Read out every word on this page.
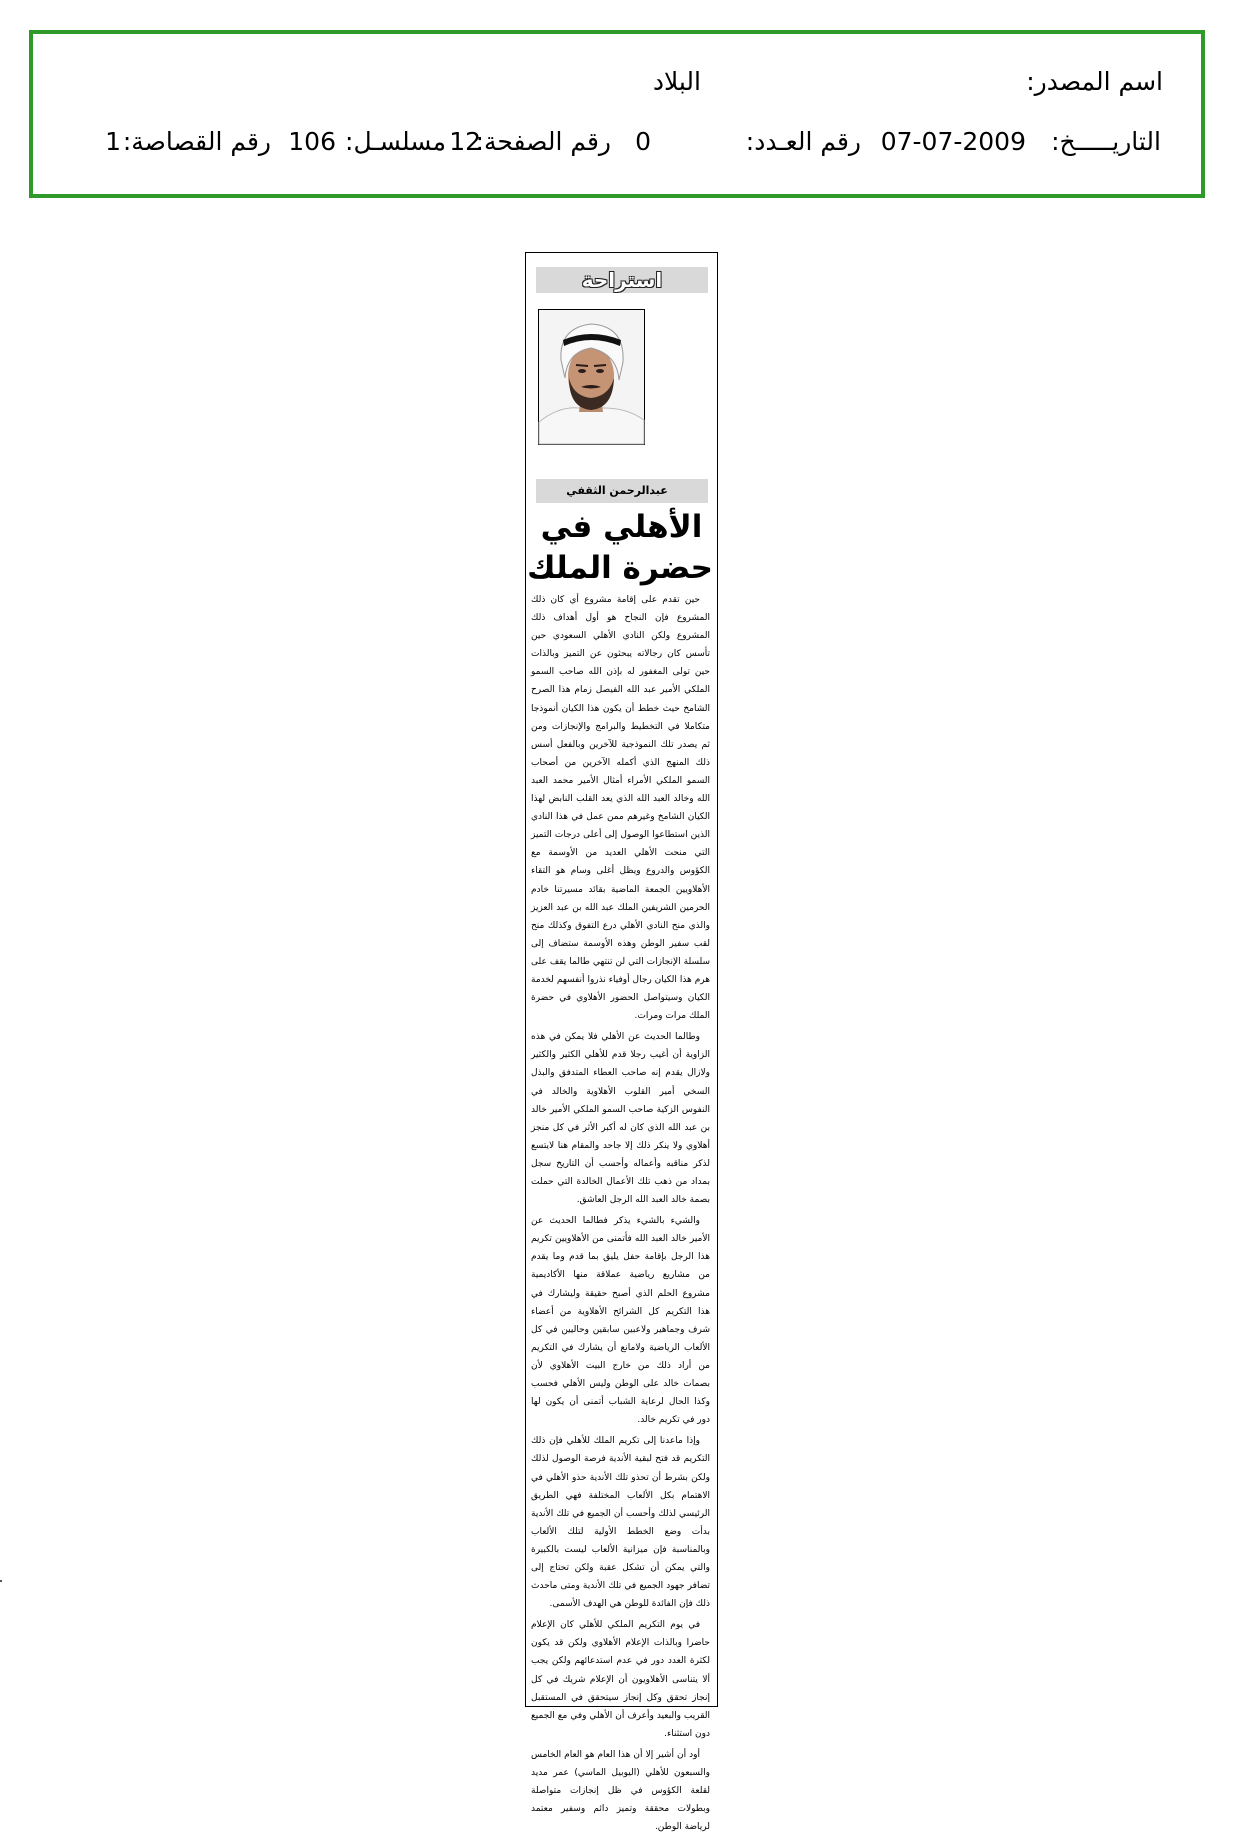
اسم المصدر:
البلاد
التاريـــــخ:
07-07-2009
رقم العـدد:
0
رقم الصفحة:
12
مسلسـل:
106
رقم القصاصة:
1
استراحة
عبدالرحمن الثقفي
الأهلي في
حضرة الملك

حين تقدم على إقامة مشروع أي كان ذلك المشروع فإن النجاح هو أول أهداف ذلك المشروع ولكن النادي الأهلي السعودي حين تأسس كان رجالاته يبحثون عن التميز وبالذات حين تولى المغفور له بإذن الله صاحب السمو الملكي الأمير عبد الله الفيصل زمام هذا الصرح الشامخ حيث خطط أن يكون هذا الكيان أنموذجا متكاملا في التخطيط والبرامج والإنجازات ومن ثم يصدر تلك النموذجية للآخرين وبالفعل أسس ذلك المنهج الذي أكمله الآخرين من أصحاب السمو الملكي الأمراء أمثال الأمير محمد العبد الله وخالد العبد الله الذي يعد القلب النابض لهذا الكيان الشامخ وغيرهم ممن عمل في هذا النادي الذين استطاعوا الوصول إلى أعلى درجات التميز التي منحت الأهلي العديد من الأوسمة مع الكؤوس والدروع ويظل أغلى وسام هو التقاء الأهلاويين الجمعة الماضية بقائد مسيرتنا خادم الحرمين الشريفين الملك عبد الله بن عبد العزيز والذي منح النادي الأهلي درع التفوق وكذلك منح لقب سفير الوطن وهذه الأوسمة ستضاف إلى سلسلة الإنجازات التي لن تنتهي طالما يقف على هرم هذا الكيان رجال أوفياء نذروا أنفسهم لخدمة الكيان وسيتواصل الحضور الأهلاوي في حضرة الملك مرات ومرات.

وطالما الحديث عن الأهلي فلا يمكن في هذه الزاوية أن أغيب رجلا قدم للأهلي الكثير والكثير ولازال يقدم إنه صاحب العطاء المتدفق والبذل السخي أمير القلوب الأهلاوية والخالد في النفوس الزكية صاحب السمو الملكي الأمير خالد بن عبد الله الذي كان له أكبر الأثر في كل منجز أهلاوي ولا ينكر ذلك إلا جاحد والمقام هنا لايتسع لذكر مناقبه وأعماله وأحسب أن التاريخ سجل بمداد من ذهب تلك الأعمال الخالدة التي حملت بصمة خالد العبد الله الرجل العاشق.

والشيء بالشيء يذكر فطالما الحديث عن الأمير خالد العبد الله فأتمنى من الأهلاويين تكريم هذا الرجل بإقامة حفل يليق بما قدم وما يقدم من مشاريع رياضية عملاقة منها الأكاديمية مشروع الحلم الذي أصبح حقيقة وليشارك في هذا التكريم كل الشرائح الأهلاوية من أعضاء شرف وجماهير ولاعبين سابقين وحاليين في كل الألعاب الرياضية ولامانع أن يشارك في التكريم من أراد ذلك من خارج البيت الأهلاوي لأن بصمات خالد على الوطن وليس الأهلي فحسب وكذا الحال لرعاية الشباب أتمنى أن يكون لها دور في تكريم خالد.

وإذا ماعدنا إلى تكريم الملك للأهلي فإن ذلك التكريم قد فتح لبقية الأندية فرصة الوصول لذلك ولكن بشرط أن تحذو تلك الأندية حذو الأهلي في الاهتمام بكل الألعاب المختلفة فهي الطريق الرئيسي لذلك وأحسب أن الجميع في تلك الأندية بدأت وضع الخطط الأولية لتلك الألعاب وبالمناسبة فإن ميزانية الألعاب ليست بالكبيرة والتي يمكن أن تشكل عقبة ولكن تحتاج إلى تضافر جهود الجميع في تلك الأندية ومتى ماحدث ذلك فإن الفائدة للوطن هي الهدف الأسمى.

في يوم التكريم الملكي للأهلي كان الإعلام حاضرا وبالذات الإعلام الأهلاوي ولكن قد يكون لكثرة العدد دور في عدم استدعائهم ولكن يجب ألا يتناسى الأهلاويون أن الإعلام شريك في كل إنجاز تحقق وكل إنجاز سيتحقق في المستقبل القريب والبعيد وأعرف أن الأهلي وفي مع الجميع دون استثناء.

أود أن أشير إلا أن هذا العام هو العام الخامس والسبعون للأهلي (اليوبيل الماسي) عمر مديد لقلعة الكؤوس في ظل إنجازات متواصلة وبطولات محققة وتميز دائم وسفير معتمد لرياضة الوطن.
